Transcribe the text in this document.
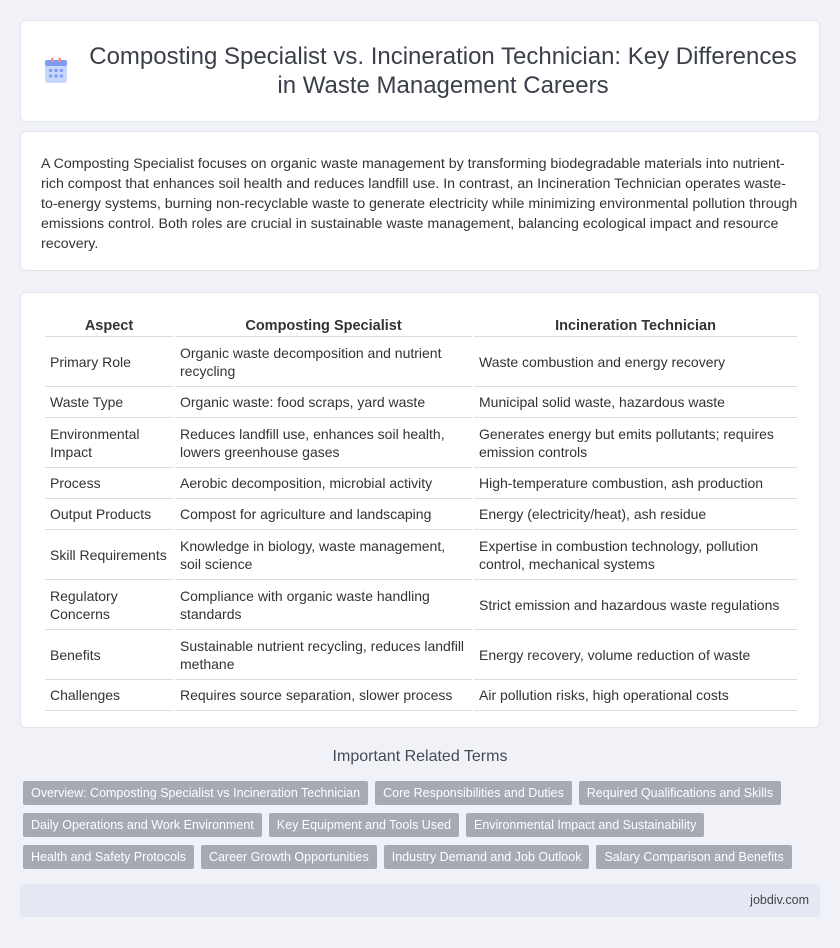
Composting Specialist vs. Incineration Technician: Key Differences in Waste Management Careers

A Composting Specialist focuses on organic waste management by transforming biodegradable materials into nutrient-rich compost that enhances soil health and reduces landfill use. In contrast, an Incineration Technician operates waste-to-energy systems, burning non-recyclable waste to generate electricity while minimizing environmental pollution through emissions control. Both roles are crucial in sustainable waste management, balancing ecological impact and resource recovery.

Aspect	Composting Specialist	Incineration Technician
Primary Role	Organic waste decomposition and nutrient recycling	Waste combustion and energy recovery
Waste Type	Organic waste: food scraps, yard waste	Municipal solid waste, hazardous waste
Environmental Impact	Reduces landfill use, enhances soil health, lowers greenhouse gases	Generates energy but emits pollutants; requires emission controls
Process	Aerobic decomposition, microbial activity	High-temperature combustion, ash production
Output Products	Compost for agriculture and landscaping	Energy (electricity/heat), ash residue
Skill Requirements	Knowledge in biology, waste management, soil science	Expertise in combustion technology, pollution control, mechanical systems
Regulatory Concerns	Compliance with organic waste handling standards	Strict emission and hazardous waste regulations
Benefits	Sustainable nutrient recycling, reduces landfill methane	Energy recovery, volume reduction of waste
Challenges	Requires source separation, slower process	Air pollution risks, high operational costs
Important Related Terms
Overview: Composting Specialist vs Incineration Technician	Core Responsibilities and Duties	Required Qualifications and Skills
Daily Operations and Work Environment	Key Equipment and Tools Used	Environmental Impact and Sustainability
Health and Safety Protocols	Career Growth Opportunities	Industry Demand and Job Outlook	Salary Comparison and Benefits
jobdiv.com
